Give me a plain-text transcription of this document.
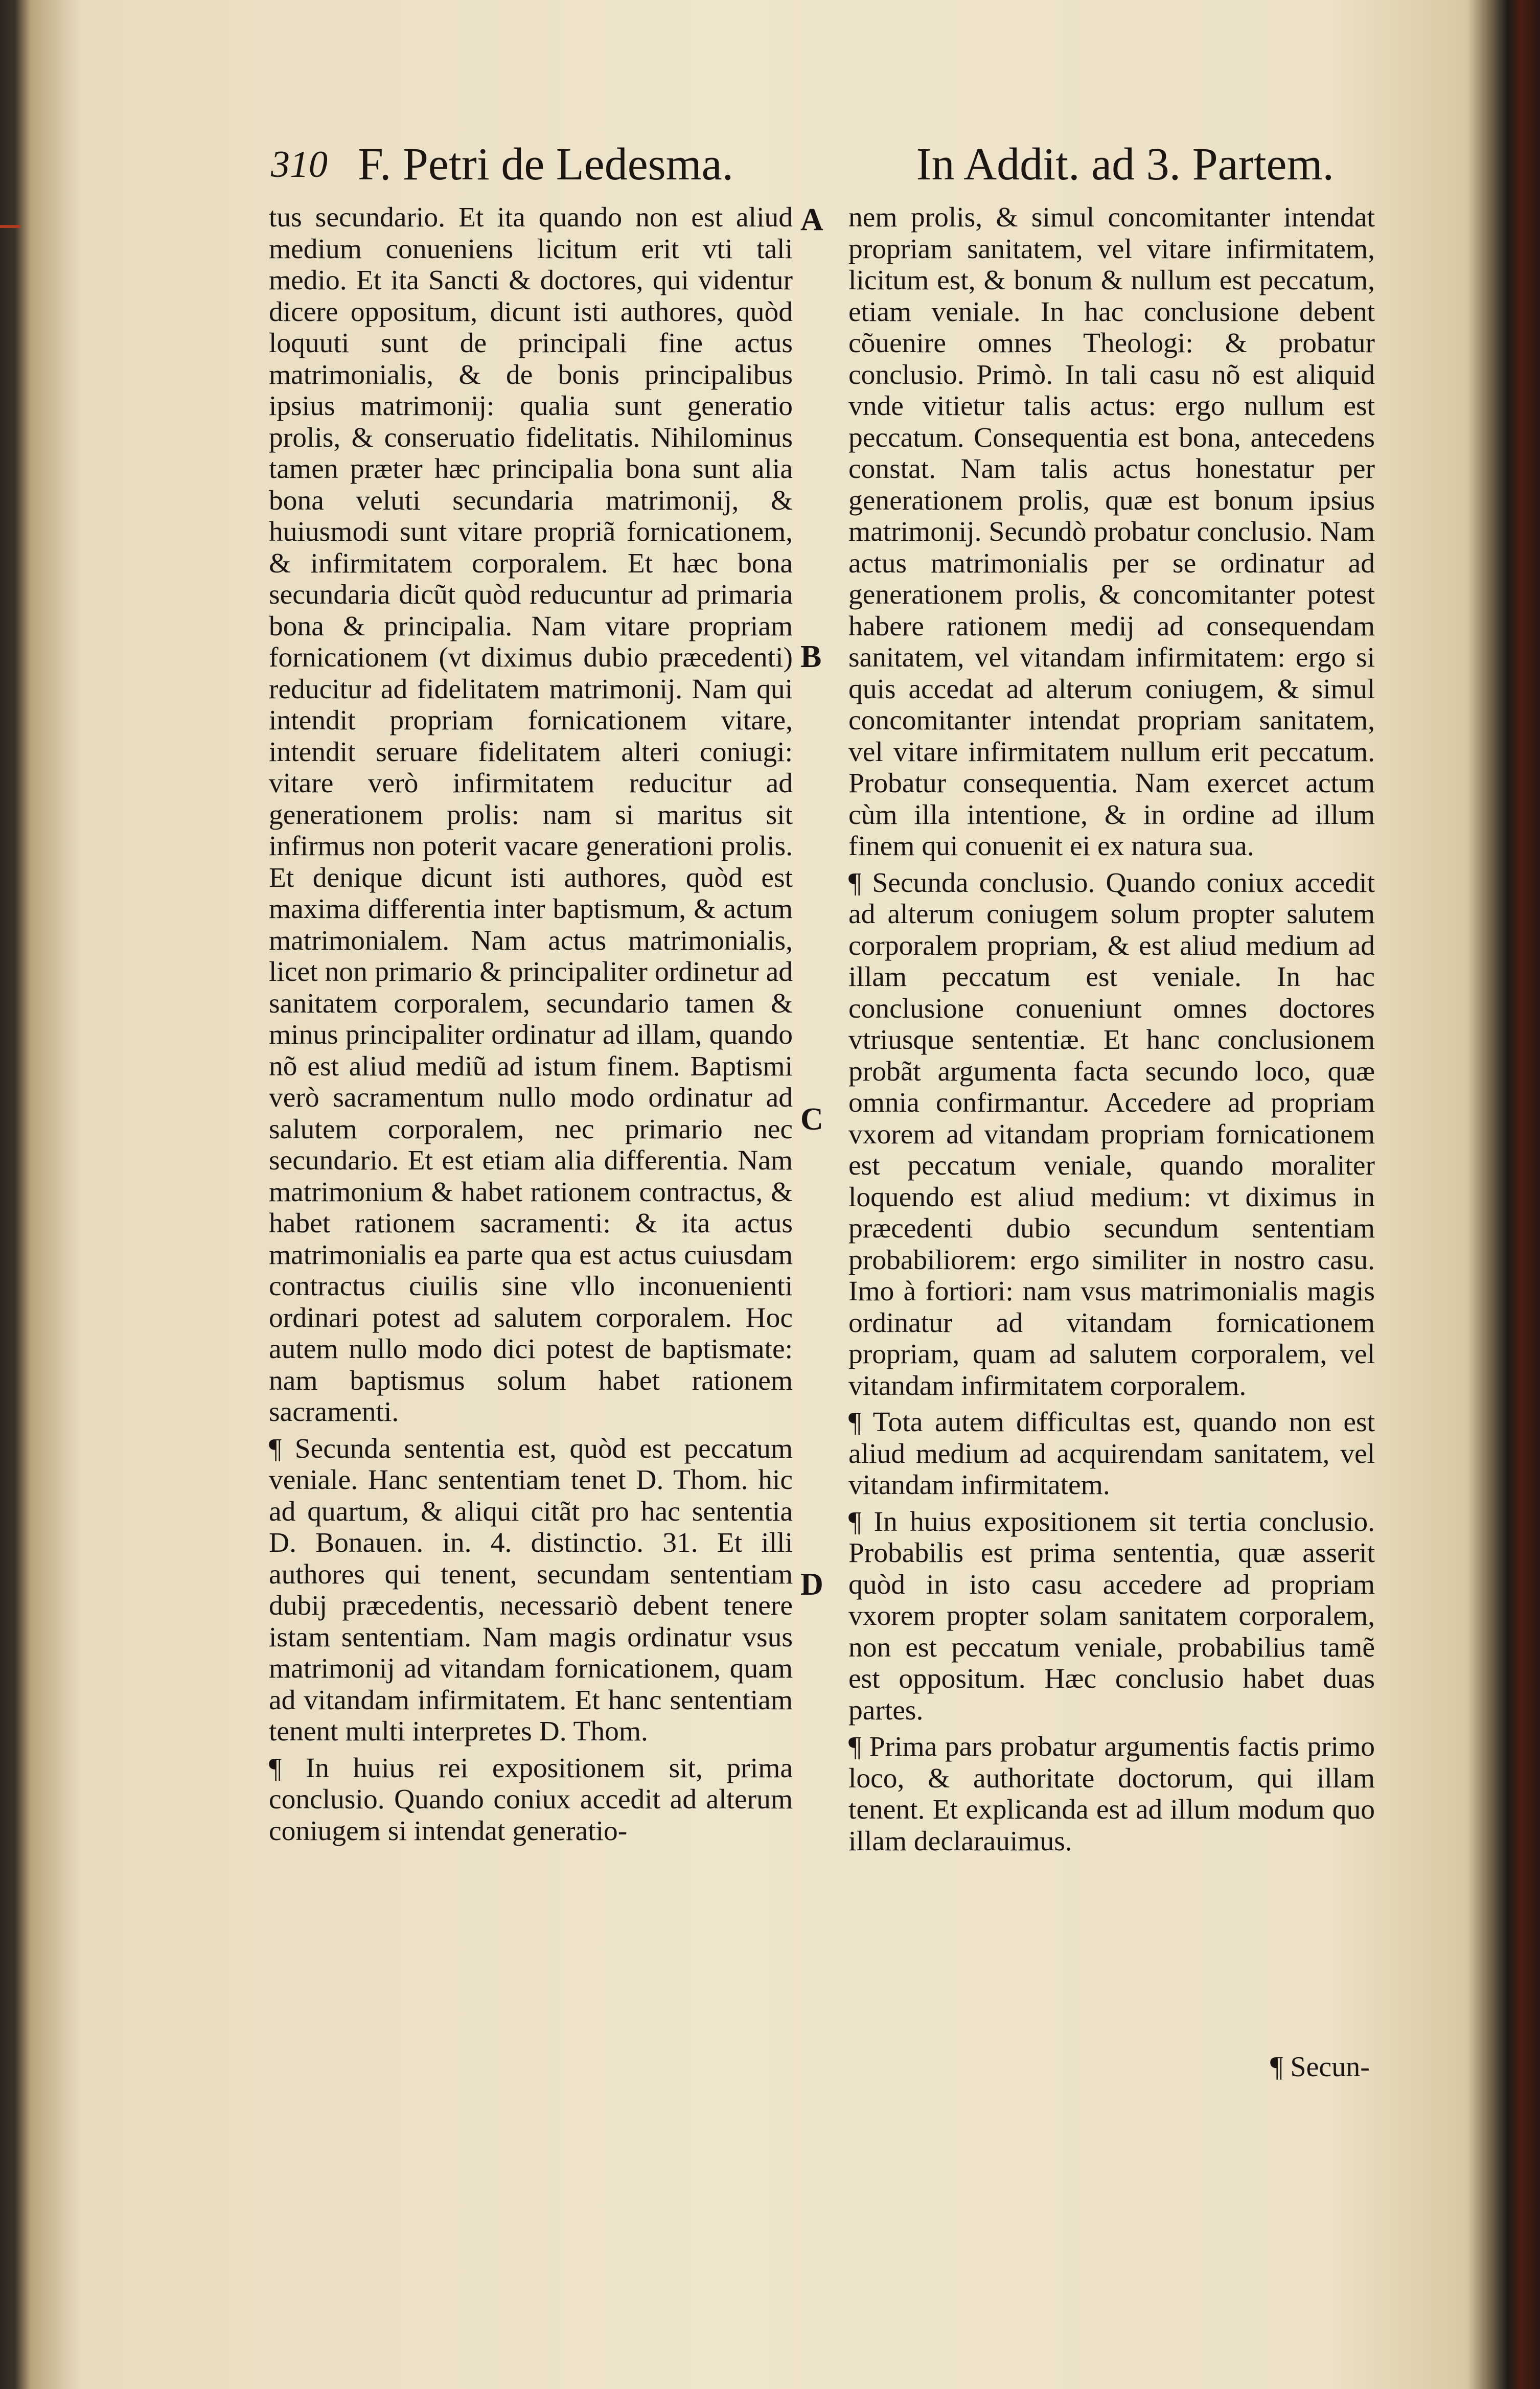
310 F. Petri de Ledesma.	In Addit. ad 3. Partem.

tus secundario. Et ita quando non est aliud medium conueniens licitum erit vti tali medio. Et ita Sancti & doctores, qui videntur dicere oppositum, dicunt isti authores, quòd loquuti sunt de principali fine actus matrimonialis, & de bonis principalibus ipsius matrimonij: qualia sunt generatio prolis, & conseruatio fidelitatis. Nihilominus tamen præter hæc principalia bona sunt alia bona veluti secundaria matrimonij, & huiusmodi sunt vitare propriã fornicationem, & infirmitatem corporalem. Et hæc bona secundaria dicũt quòd reducuntur ad primaria bona & principalia. Nam vitare propriam fornicationem (vt diximus dubio præcedenti) reducitur ad fidelitatem matrimonij. Nam qui intendit propriam fornicationem vitare, intendit seruare fidelitatem alteri coniugi: vitare verò infirmitatem reducitur ad generationem prolis: nam si maritus sit infirmus non poterit vacare generationi prolis. Et denique dicunt isti authores, quòd est maxima differentia inter baptismum, & actum matrimonialem. Nam actus matrimonialis, licet non primario & principaliter ordinetur ad sanitatem corporalem, secundario tamen & minus principaliter ordinatur ad illam, quando nõ est aliud mediũ ad istum finem. Baptismi verò sacramentum nullo modo ordinatur ad salutem corporalem, nec primario nec secundario. Et est etiam alia differentia. Nam matrimonium & habet rationem contractus, & habet rationem sacramenti: & ita actus matrimonialis ea parte qua est actus cuiusdam contractus ciuilis sine vllo inconuenienti ordinari potest ad salutem corporalem. Hoc autem nullo modo dici potest de baptismate: nam baptismus solum habet rationem sacramenti.

¶ Secunda sententia est, quòd est peccatum veniale. Hanc sententiam tenet D. Thom. hic ad quartum, & aliqui citãt pro hac sententia D. Bonauen. in. 4. distinctio. 31. Et illi authores qui tenent, secundam sententiam dubij præcedentis, necessariò debent tenere istam sententiam. Nam magis ordinatur vsus matrimonij ad vitandam fornicationem, quam ad vitandam infirmitatem. Et hanc sententiam tenent multi interpretes D. Thom.

¶ In huius rei expositionem sit, prima conclusio. Quando coniux accedit ad alterum coniugem si intendat generatio-

A
B
C
D

nem prolis, & simul concomitanter intendat propriam sanitatem, vel vitare infirmitatem, licitum est, & bonum & nullum est peccatum, etiam veniale. In hac conclusione debent cõuenire omnes Theologi: & probatur conclusio. Primò. In tali casu nõ est aliquid vnde vitietur talis actus: ergo nullum est peccatum. Consequentia est bona, antecedens constat. Nam talis actus honestatur per generationem prolis, quæ est bonum ipsius matrimonij. Secundò probatur conclusio. Nam actus matrimonialis per se ordinatur ad generationem prolis, & concomitanter potest habere rationem medij ad consequendam sanitatem, vel vitandam infirmitatem: ergo si quis accedat ad alterum coniugem, & simul concomitanter intendat propriam sanitatem, vel vitare infirmitatem nullum erit peccatum. Probatur consequentia. Nam exercet actum cùm illa intentione, & in ordine ad illum finem qui conuenit ei ex natura sua.

¶ Secunda conclusio. Quando coniux accedit ad alterum coniugem solum propter salutem corporalem propriam, & est aliud medium ad illam peccatum est veniale. In hac conclusione conueniunt omnes doctores vtriusque sententiæ. Et hanc conclusionem probãt argumenta facta secundo loco, quæ omnia confirmantur. Accedere ad propriam vxorem ad vitandam propriam fornicationem est peccatum veniale, quando moraliter loquendo est aliud medium: vt diximus in præcedenti dubio secundum sententiam probabiliorem: ergo similiter in nostro casu. Imo à fortiori: nam vsus matrimonialis magis ordinatur ad vitandam fornicationem propriam, quam ad salutem corporalem, vel vitandam infirmitatem corporalem.

¶ Tota autem difficultas est, quando non est aliud medium ad acquirendam sanitatem, vel vitandam infirmitatem.

¶ In huius expositionem sit tertia conclusio. Probabilis est prima sententia, quæ asserit quòd in isto casu accedere ad propriam vxorem propter solam sanitatem corporalem, non est peccatum veniale, probabilius tamẽ est oppositum. Hæc conclusio habet duas partes.

¶ Prima pars probatur argumentis factis primo loco, & authoritate doctorum, qui illam tenent. Et explicanda est ad illum modum quo illam declarauimus.

¶ Secun-
